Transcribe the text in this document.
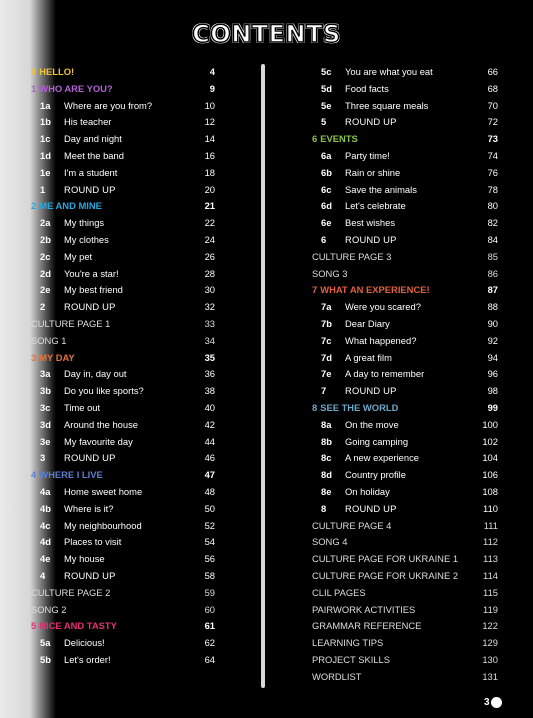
CONTENTS
0 HELLO!	4
1 WHO ARE YOU?	9
1a	Where are you from?	10
1b	His teacher	12
1c	Day and night	14
1d	Meet the band	16
1e	I'm a student	18
1	ROUND UP	20
2 ME AND MINE	21
2a	My things	22
2b	My clothes	24
2c	My pet	26
2d	You're a star!	28
2e	My best friend	30
2	ROUND UP	32
CULTURE PAGE 1	33
SONG 1	34
3 MY DAY	35
3a	Day in, day out	36
3b	Do you like sports?	38
3c	Time out	40
3d	Around the house	42
3e	My favourite day	44
3	ROUND UP	46
4 WHERE I LIVE	47
4a	Home sweet home	48
4b	Where is it?	50
4c	My neighbourhood	52
4d	Places to visit	54
4e	My house	56
4	ROUND UP	58
CULTURE PAGE 2	59
SONG 2	60
5 NICE AND TASTY	61
5a	Delicious!	62
5b	Let's order!	64
5c	You are what you eat	66
5d	Food facts	68
5e	Three square meals	70
5	ROUND UP	72
6 EVENTS	73
6a	Party time!	74
6b	Rain or shine	76
6c	Save the animals	78
6d	Let's celebrate	80
6e	Best wishes	82
6	ROUND UP	84
CULTURE PAGE 3	85
SONG 3	86
7 WHAT AN EXPERIENCE!	87
7a	Were you scared?	88
7b	Dear Diary	90
7c	What happened?	92
7d	A great film	94
7e	A day to remember	96
7	ROUND UP	98
8 SEE THE WORLD	99
8a	On the move	100
8b	Going camping	102
8c	A new experience	104
8d	Country profile	106
8e	On holiday	108
8	ROUND UP	110
CULTURE PAGE 4	111
SONG 4	112
CULTURE PAGE FOR UKRAINE 1	113
CULTURE PAGE FOR UKRAINE 2	114
CLIL PAGES	115
PAIRWORK ACTIVITIES	119
GRAMMAR REFERENCE	122
LEARNING TIPS	129
PROJECT SKILLS	130
WORDLIST	131
3
